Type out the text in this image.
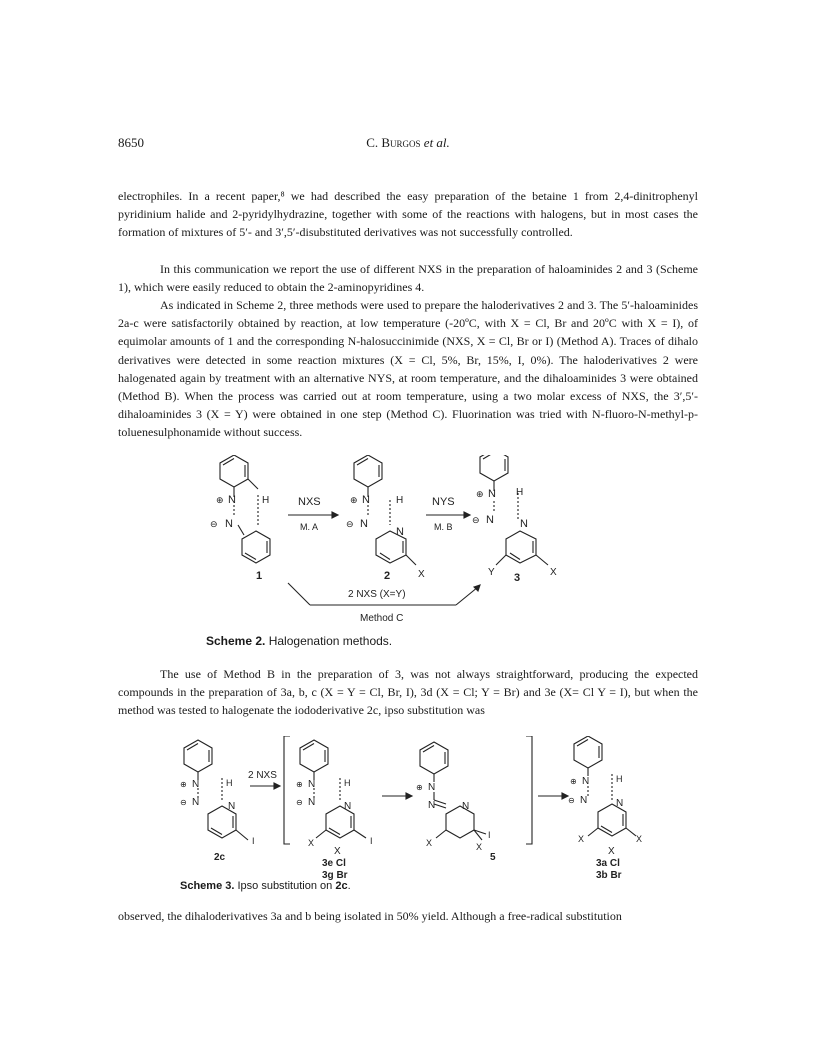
8650	C. Burgos et al.
electrophiles. In a recent paper,⁸ we had described the easy preparation of the betaine 1 from 2,4-dinitrophenyl pyridinium halide and 2-pyridylhydrazine, together with some of the reactions with halogens, but in most cases the formation of mixtures of 5′- and 3′,5′-disubstituted derivatives was not successfully controlled.
In this communication we report the use of different NXS in the preparation of haloaminides 2 and 3 (Scheme 1), which were easily reduced to obtain the 2-aminopyridines 4.
As indicated in Scheme 2, three methods were used to prepare the haloderivatives 2 and 3. The 5′-haloaminides 2a-c were satisfactorily obtained by reaction, at low temperature (-20ºC, with X = Cl, Br and 20ºC with X = I), of equimolar amounts of 1 and the corresponding N-halosuccinimide (NXS, X = Cl, Br or I) (Method A). Traces of dihalo derivatives were detected in some reaction mixtures (X = Cl, 5%, Br, 15%, I, 0%). The haloderivatives 2 were halogenated again by treatment with an alternative NYS, at room temperature, and the dihaloaminides 3 were obtained (Method B). When the process was carried out at room temperature, using a two molar excess of NXS, the 3′,5′-dihaloaminides 3 (X = Y) were obtained in one step (Method C). Fluorination was tried with N-fluoro-N-methyl-p-toluenesulphonamide without success.
N
⊕
N
⊖
H
1
NXS
M. A
N
⊕
N
⊖
N
H
X
2
NYS
M. B
N
⊕
N
⊖	N
H
Y	X
3
2 NXS (X=Y)
Method C
Scheme 2. Halogenation methods.
The use of Method B in the preparation of 3, was not always straightforward, producing the expected compounds in the preparation of 3a, b, c (X = Y = Cl, Br, I), 3d (X = Cl; Y = Br) and 3e (X= Cl Y = I), but when the method was tested to halogenate the iododerivative 2c, ipso substitution was
N
⊕
N
⊖	N
H
I
2c
2 NXS
N
⊕
N
⊖	N
H
X	I
X
3e Cl
3g Br
N
⊕
N	N
X
I
X
5
N
⊕
N
⊖	N
H
X	X
X
3a Cl
3b Br
Scheme 3. Ipso substitution on 2c.
observed, the dihaloderivatives 3a and b being isolated in 50% yield. Although a free-radical substitution
